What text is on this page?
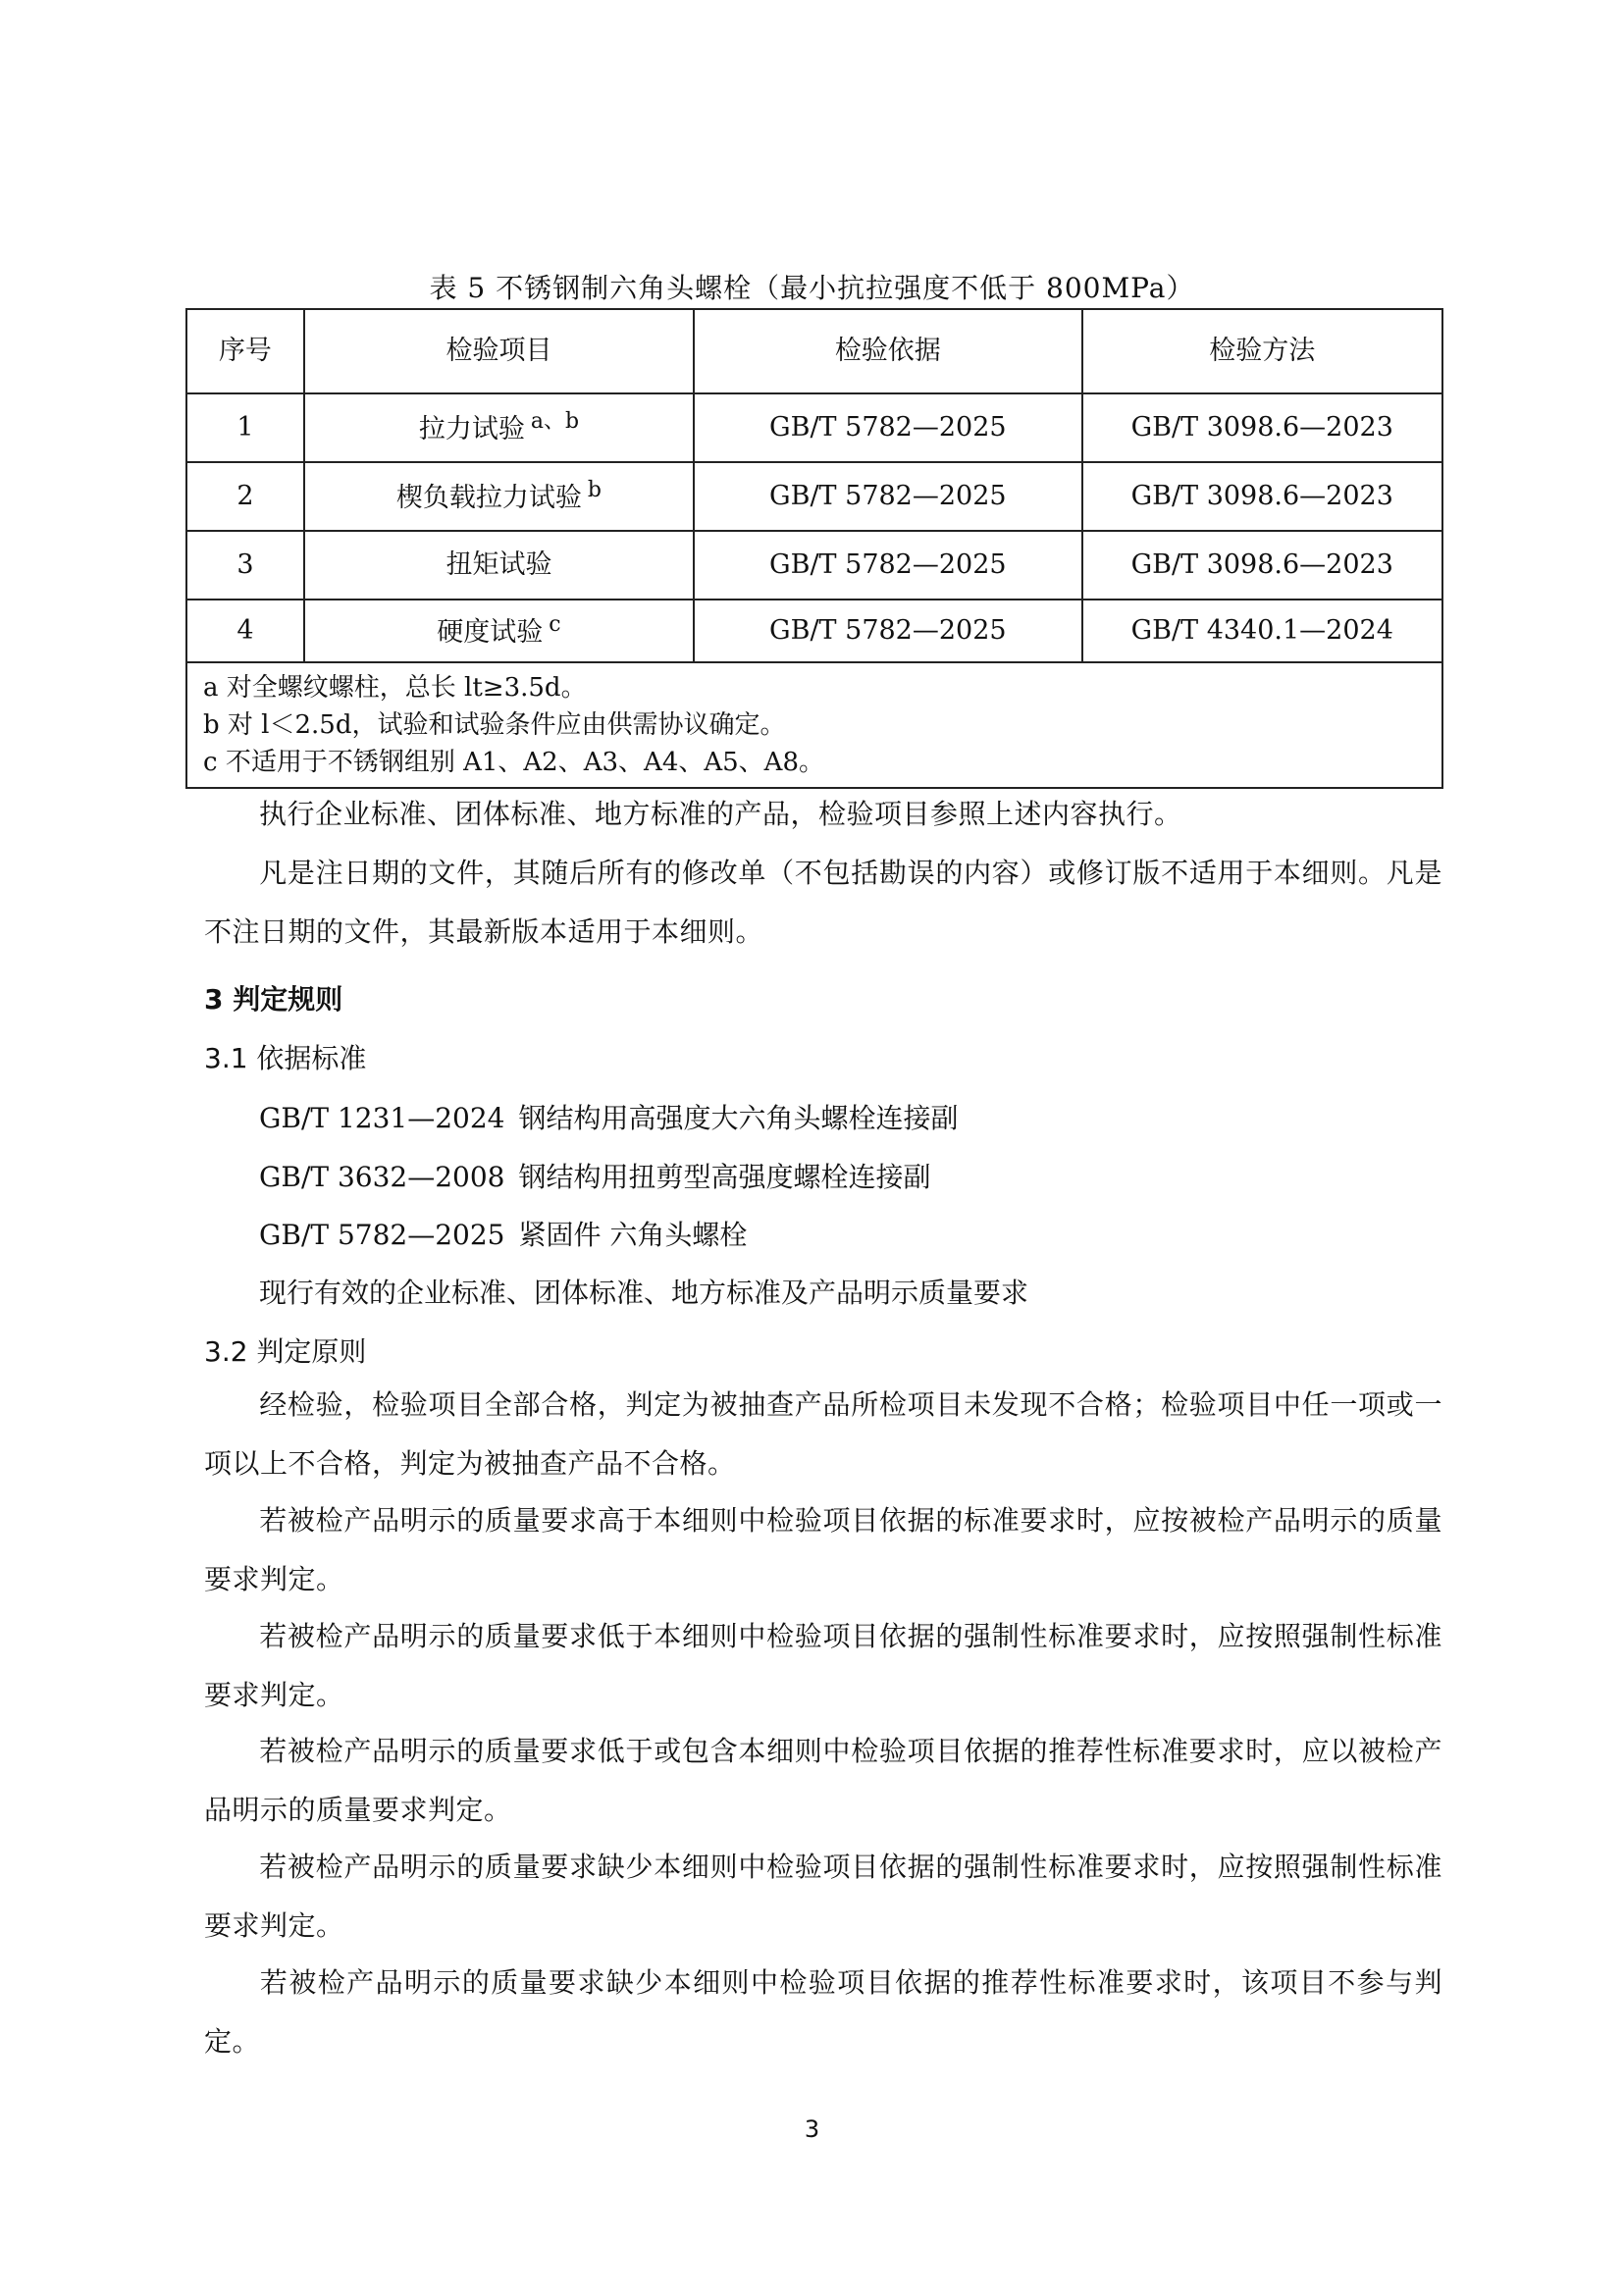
表 5 不锈钢制六角头螺栓（最小抗拉强度不低于 800MPa）
序号	检验项目	检验依据	检验方法
1	拉力试验 $^{a、b}$	GB/T 5782—2025	GB/T 3098.6—2023
2	楔负载拉力试验 $^b$	GB/T 5782—2025	GB/T 3098.6—2023
3	扭矩试验	GB/T 5782—2025	GB/T 3098.6—2023
4	硬度试验 $^c$	GB/T 5782—2025	GB/T 4340.1—2024

a 对全螺纹螺柱，总长 lt≥3.5d。
b 对 l＜2.5d，试验和试验条件应由供需协议确定。
c 不适用于不锈钢组别 A1、A2、A3、A4、A5、A8。			
执行企业标准、团体标准、地方标准的产品，检验项目参照上述内容执行。
凡是注日期的文件，其随后所有的修改单（不包括勘误的内容）或修订版不适用于本细则。凡是不注日期的文件，其最新版本适用于本细则。
3 判定规则
3.1 依据标准
GB/T 1231—2024 钢结构用高强度大六角头螺栓连接副
GB/T 3632—2008 钢结构用扭剪型高强度螺栓连接副
GB/T 5782—2025 紧固件 六角头螺栓
现行有效的企业标准、团体标准、地方标准及产品明示质量要求
3.2 判定原则
经检验，检验项目全部合格，判定为被抽查产品所检项目未发现不合格；检验项目中任一项或一项以上不合格，判定为被抽查产品不合格。
若被检产品明示的质量要求高于本细则中检验项目依据的标准要求时，应按被检产品明示的质量要求判定。
若被检产品明示的质量要求低于本细则中检验项目依据的强制性标准要求时，应按照强制性标准要求判定。
若被检产品明示的质量要求低于或包含本细则中检验项目依据的推荐性标准要求时，应以被检产品明示的质量要求判定。
若被检产品明示的质量要求缺少本细则中检验项目依据的强制性标准要求时，应按照强制性标准要求判定。
若被检产品明示的质量要求缺少本细则中检验项目依据的推荐性标准要求时，该项目不参与判定。
3
